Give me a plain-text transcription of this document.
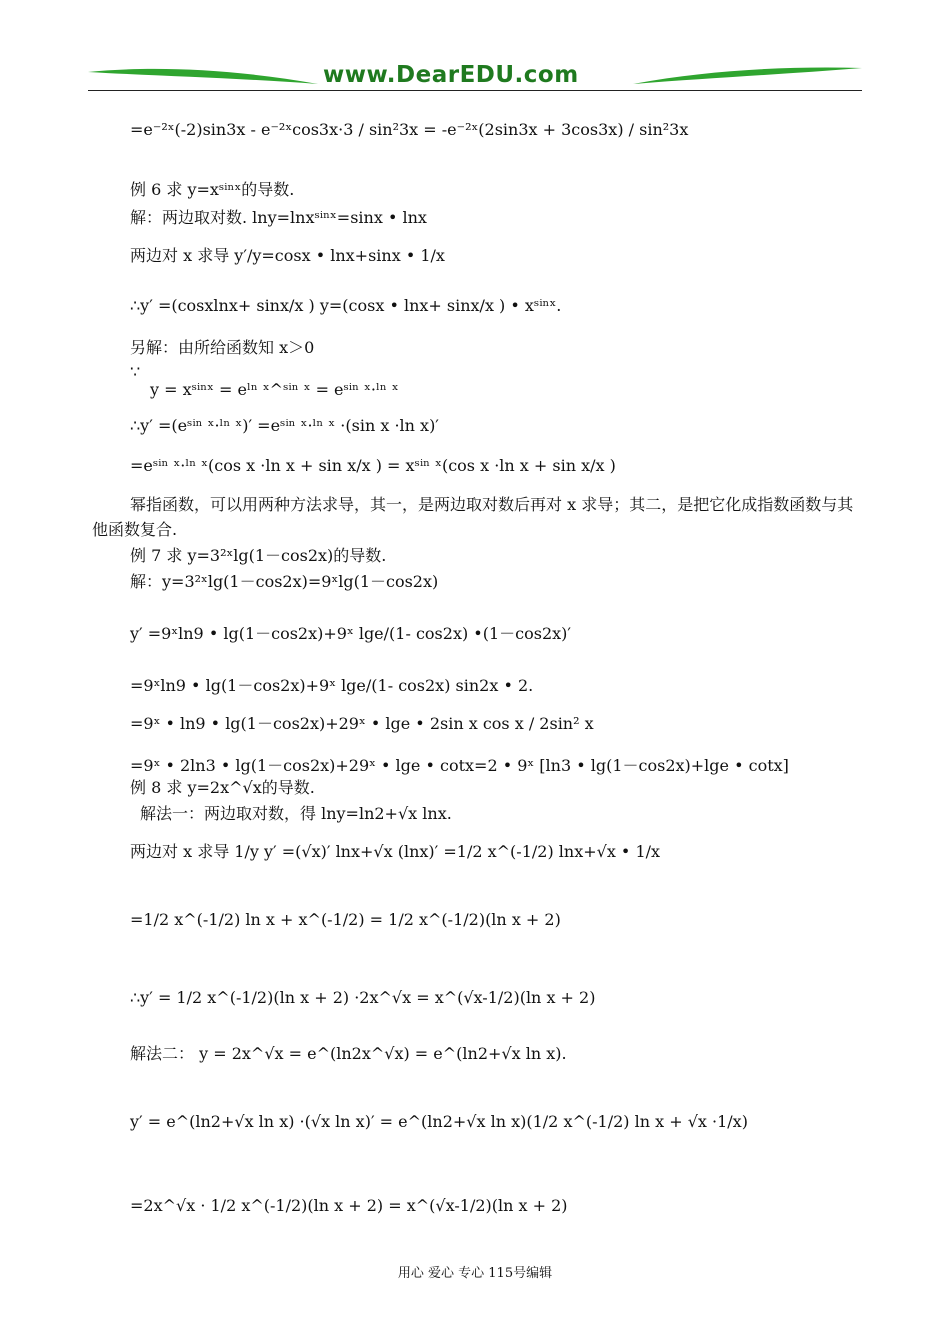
www.DearEDU.com
=e⁻²ˣ(-2)sin3x - e⁻²ˣcos3x·3 / sin²3x = -e⁻²ˣ(2sin3x + 3cos3x) / sin²3x
例 6 求 y=xˢⁱⁿˣ的导数.
解：两边取对数. lny=lnxˢⁱⁿˣ=sinx • lnx
两边对 x 求导 y′/y=cosx • lnx+sinx • 1/x
∴y′ =(cosxlnx+ sinx/x ) y=(cosx • lnx+ sinx/x ) • xˢⁱⁿˣ.
另解：由所给函数知 x＞0
∵
y = xˢⁱⁿˣ = eˡⁿ ˣ^ˢⁱⁿ ˣ = eˢⁱⁿ ˣ·ˡⁿ ˣ
∴y′ =(eˢⁱⁿ ˣ·ˡⁿ ˣ)′ =eˢⁱⁿ ˣ·ˡⁿ ˣ ·(sin x ·ln x)′
=eˢⁱⁿ ˣ·ˡⁿ ˣ(cos x ·ln x + sin x/x ) = xˢⁱⁿ ˣ(cos x ·ln x + sin x/x )
幂指函数，可以用两种方法求导，其一，是两边取对数后再对 x 求导；其二，是把它化成指数函数与其他函数复合.
例 7 求 y=3²ˣlg(1－cos2x)的导数.
解：y=3²ˣlg(1－cos2x)=9ˣlg(1－cos2x)
y′ =9ˣln9 • lg(1－cos2x)+9ˣ lge/(1- cos2x) •(1－cos2x)′
=9ˣln9 • lg(1－cos2x)+9ˣ lge/(1- cos2x) sin2x • 2.
=9ˣ • ln9 • lg(1－cos2x)+29ˣ • lge • 2sin x cos x / 2sin² x
=9ˣ • 2ln3 • lg(1－cos2x)+29ˣ • lge • cotx=2 • 9ˣ [ln3 • lg(1－cos2x)+lge • cotx]
例 8 求 y=2x^√x的导数.
解法一：两边取对数，得 lny=ln2+√x lnx.
两边对 x 求导 1/y y′ =(√x)′ lnx+√x (lnx)′ =1/2 x^(-1/2) lnx+√x • 1/x
=1/2 x^(-1/2) ln x + x^(-1/2) = 1/2 x^(-1/2)(ln x + 2)
∴y′ = 1/2 x^(-1/2)(ln x + 2) ·2x^√x = x^(√x-1/2)(ln x + 2)
解法二： y = 2x^√x = e^(ln2x^√x) = e^(ln2+√x ln x).
y′ = e^(ln2+√x ln x) ·(√x ln x)′ = e^(ln2+√x ln x)(1/2 x^(-1/2) ln x + √x ·1/x)
=2x^√x · 1/2 x^(-1/2)(ln x + 2) = x^(√x-1/2)(ln x + 2)
用心 爱心 专心 115号编辑
